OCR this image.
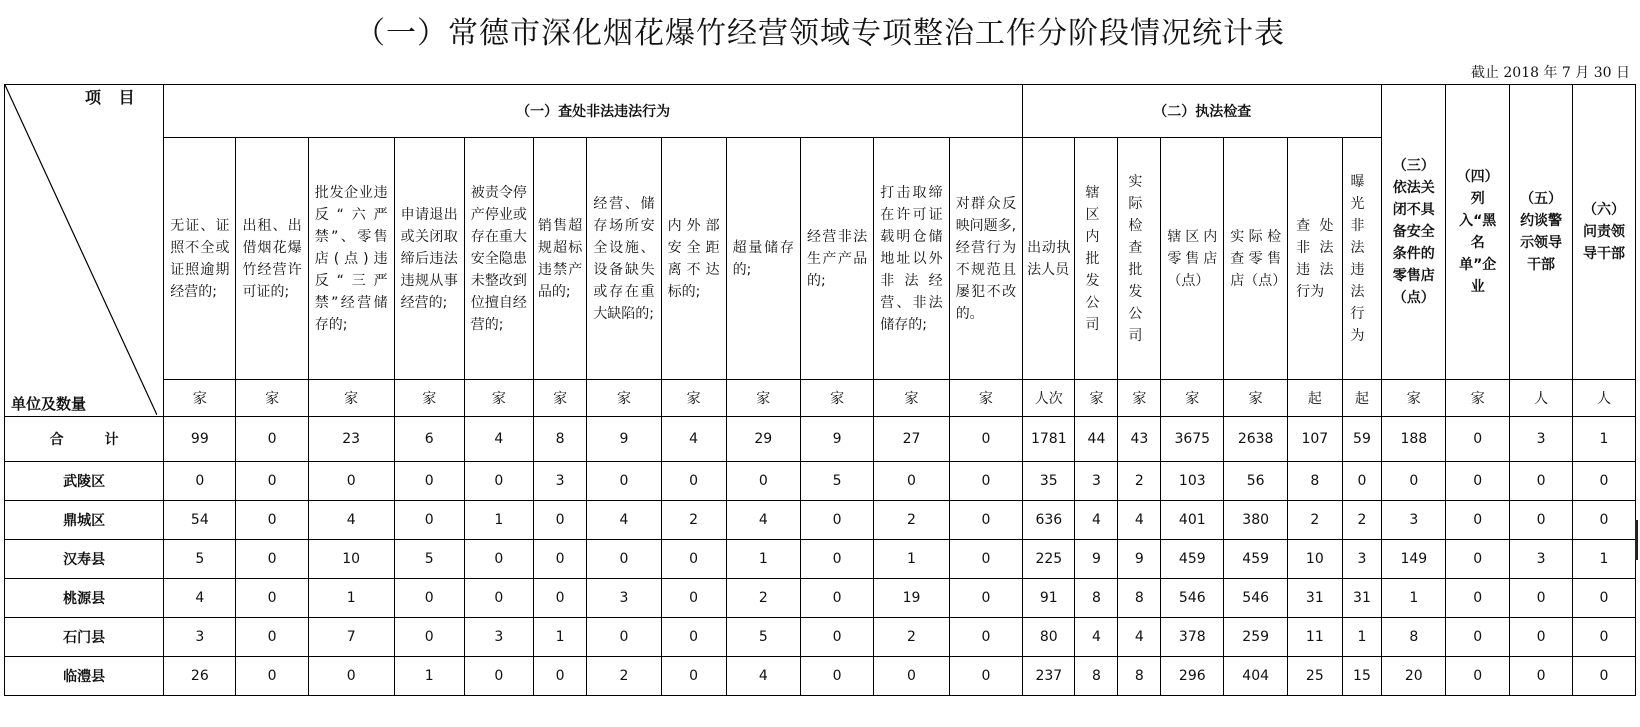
（一）常德市深化烟花爆竹经营领域专项整治工作分阶段情况统计表
截止 2018 年 7 月 30 日
项 目
单位及数量	（一）查处非法违法行为												（二）执法检查							（三）依法关闭不具备安全条件的零售店（点）	（四）列入“黑名单”企业	（五）约谈警示领导干部	（六）问责领导干部

	无证、证照不全或证照逾期经营的;	出租、出借烟花爆竹经营许可证的;	批发企业违反“六严禁”、零售店(点)违反“三严禁”经营储存的;	申请退出或关闭取缔后违法违规从事经营的;	被责令停产停业或存在重大安全隐患未整改到位擅自经营的;	销售超规超标违禁产品的;	经营、储存场所安全设施、设备缺失或存在重大缺陷的;	内外部安全距离不达标的;	超量储存的;	经营非法生产产品的;	打击取缔在许可证载明仓储地址以外非法经营、非法储存的;	对群众反映问题多,经营行为不规范且屡犯不改的。	出动执法人员	辖区内批发公司	实际检查批发公司	辖区内零售店（点）	实际检查零售店（点）	查处非法违法行为	曝光非法违法行为				

	家	家	家	家	家	家	家	家	家	家	家	家	人次	家	家	家	家	起	起	家	家	人	人
合 计	99	0	23	6	4	8	9	4	29	9	27	0	1781	44	43	3675	2638	107	59	188	0	3	1
武陵区	0	0	0	0	0	3	0	0	0	5	0	0	35	3	2	103	56	8	0	0	0	0	0
鼎城区	54	0	4	0	1	0	4	2	4	0	2	0	636	4	4	401	380	2	2	3	0	0	0
汉寿县	5	0	10	5	0	0	0	0	1	0	1	0	225	9	9	459	459	10	3	149	0	3	1
桃源县	4	0	1	0	0	0	3	0	2	0	19	0	91	8	8	546	546	31	31	1	0	0	0
石门县	3	0	7	0	3	1	0	0	5	0	2	0	80	4	4	378	259	11	1	8	0	0	0
临澧县	26	0	0	1	0	0	2	0	4	0	0	0	237	8	8	296	404	25	15	20	0	0	0
